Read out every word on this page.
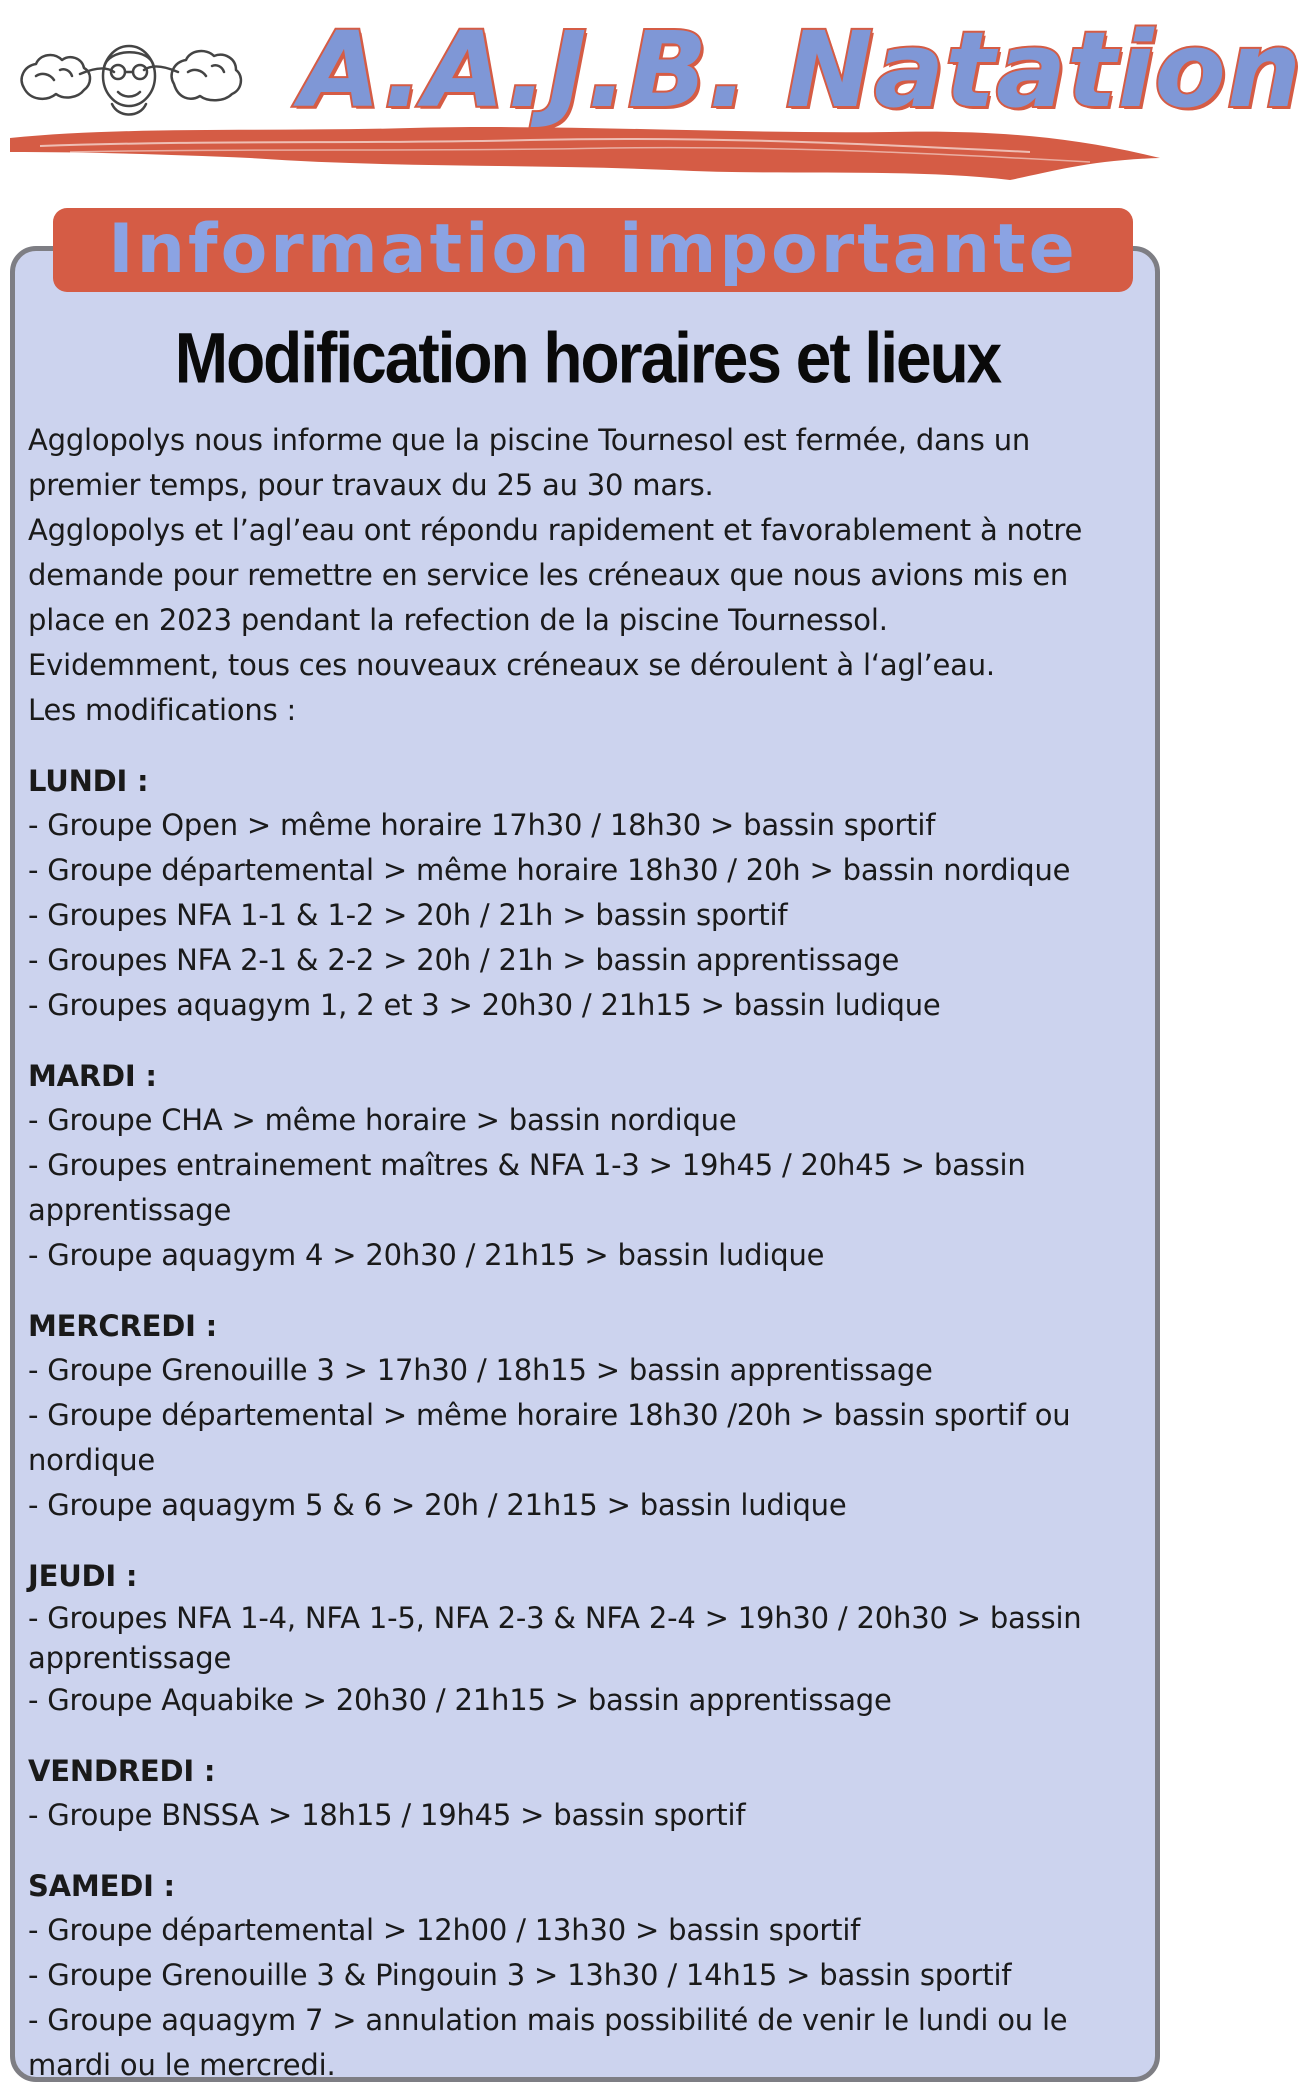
A.A.J.B. Natation
Information importante
Modification horaires et lieux

Agglopolys nous informe que la piscine Tournesol est fermée, dans un premier temps, pour travaux du 25 au 30 mars.

Agglopolys et l’agl’eau ont répondu rapidement et favorablement à notre demande pour remettre en service les créneaux que nous avions mis en place en 2023 pendant la refection de la piscine Tournessol.

Evidemment, tous ces nouveaux créneaux se déroulent à l‘agl’eau.

Les modifications :

LUNDI :
- Groupe Open > même horaire 17h30 / 18h30 > bassin sportif
- Groupe départemental > même horaire 18h30 / 20h > bassin nordique
- Groupes NFA 1-1 & 1-2 > 20h / 21h > bassin sportif
- Groupes NFA 2-1 & 2-2 > 20h / 21h > bassin apprentissage
- Groupes aquagym 1, 2 et 3 > 20h30 / 21h15 > bassin ludique
MARDI :
- Groupe CHA > même horaire > bassin nordique
- Groupes entrainement maîtres & NFA 1-3 > 19h45 / 20h45 > bassin apprentissage
- Groupe aquagym 4 > 20h30 / 21h15 > bassin ludique
MERCREDI :
- Groupe Grenouille 3 > 17h30 / 18h15 > bassin apprentissage
- Groupe départemental > même horaire 18h30 /20h > bassin sportif ou nordique
- Groupe aquagym 5 & 6 > 20h / 21h15 > bassin ludique
JEUDI :
- Groupes NFA 1-4, NFA 1-5, NFA 2-3 & NFA 2-4 > 19h30 / 20h30 > bassin apprentissage
- Groupe Aquabike > 20h30 / 21h15 > bassin apprentissage
VENDREDI :
- Groupe BNSSA > 18h15 / 19h45 > bassin sportif
SAMEDI :
- Groupe départemental > 12h00 / 13h30 > bassin sportif
- Groupe Grenouille 3 & Pingouin 3 > 13h30 / 14h15 > bassin sportif
- Groupe aquagym 7 > annulation mais possibilité de venir le lundi ou le mardi ou le mercredi.
